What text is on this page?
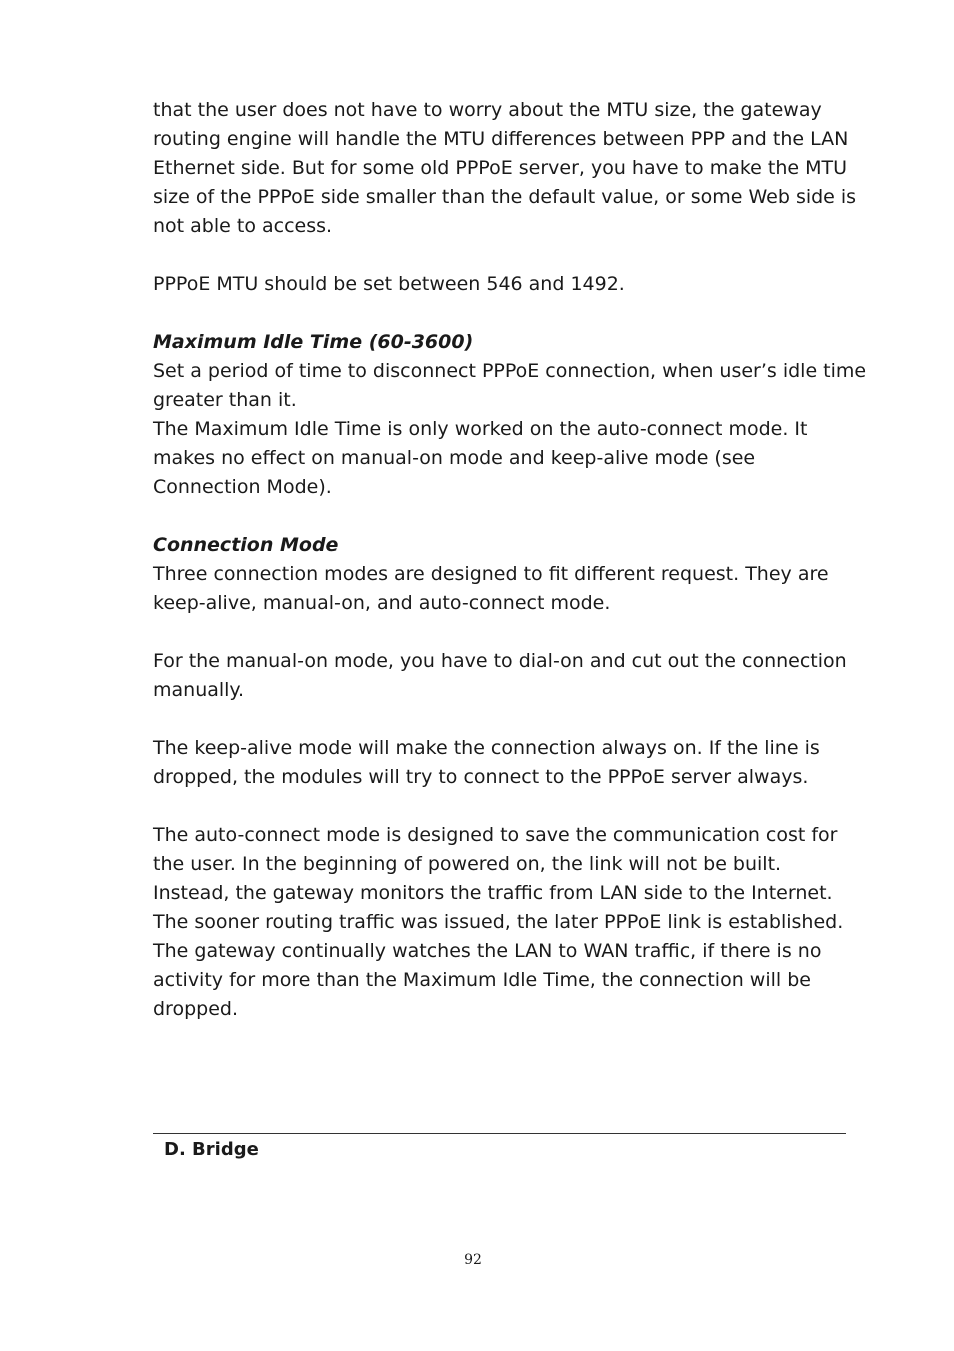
that the user does not have to worry about the MTU size, the gateway

routing engine will handle the MTU differences between PPP and the LAN

Ethernet side. But for some old PPPoE server, you have to make the MTU

size of the PPPoE side smaller than the default value, or some Web side is

not able to access.

PPPoE MTU should be set between 546 and 1492.

Maximum Idle Time (60-3600)

Set a period of time to disconnect PPPoE connection, when user’s idle time

greater than it.

The Maximum Idle Time is only worked on the auto-connect mode. It

makes no effect on manual-on mode and keep-alive mode (see

Connection Mode).

Connection Mode

Three connection modes are designed to fit different request. They are

keep-alive, manual-on, and auto-connect mode.

For the manual-on mode, you have to dial-on and cut out the connection

manually.

The keep-alive mode will make the connection always on. If the line is

dropped, the modules will try to connect to the PPPoE server always.

The auto-connect mode is designed to save the communication cost for

the user. In the beginning of powered on, the link will not be built.

Instead, the gateway monitors the traffic from LAN side to the Internet.

The sooner routing traffic was issued, the later PPPoE link is established.

The gateway continually watches the LAN to WAN traffic, if there is no

activity for more than the Maximum Idle Time, the connection will be

dropped.

D. Bridge
92
